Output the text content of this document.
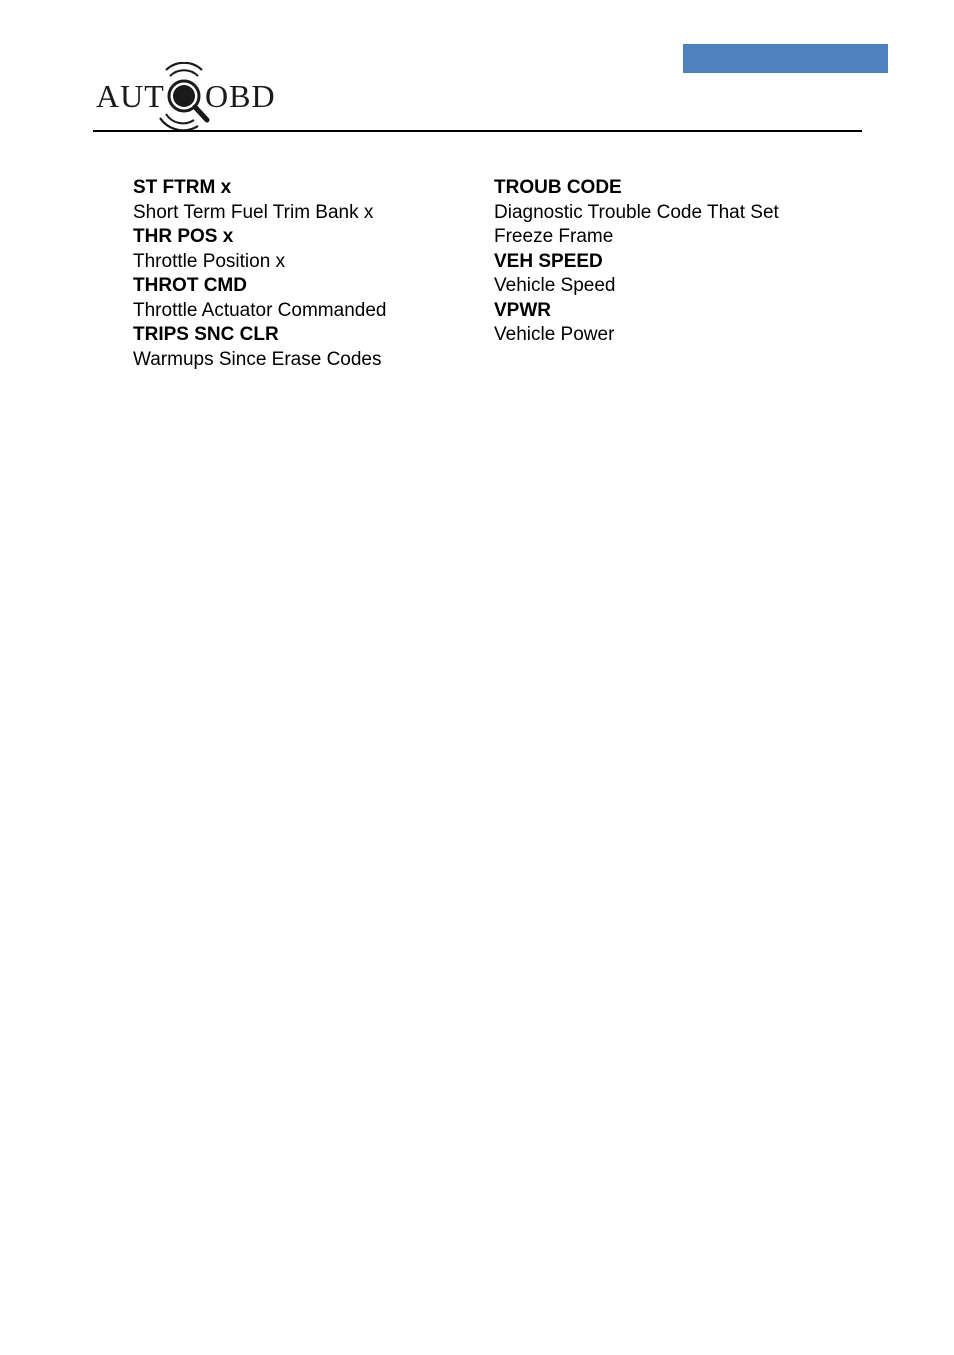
AUT OBD
ST FTRM x
Short Term Fuel Trim Bank x
THR POS x
Throttle Position x
THROT CMD
Throttle Actuator Commanded
TRIPS SNC CLR
Warmups Since Erase Codes
TROUB CODE
Diagnostic Trouble Code That Set
Freeze Frame
VEH SPEED
Vehicle Speed
VPWR
Vehicle Power
